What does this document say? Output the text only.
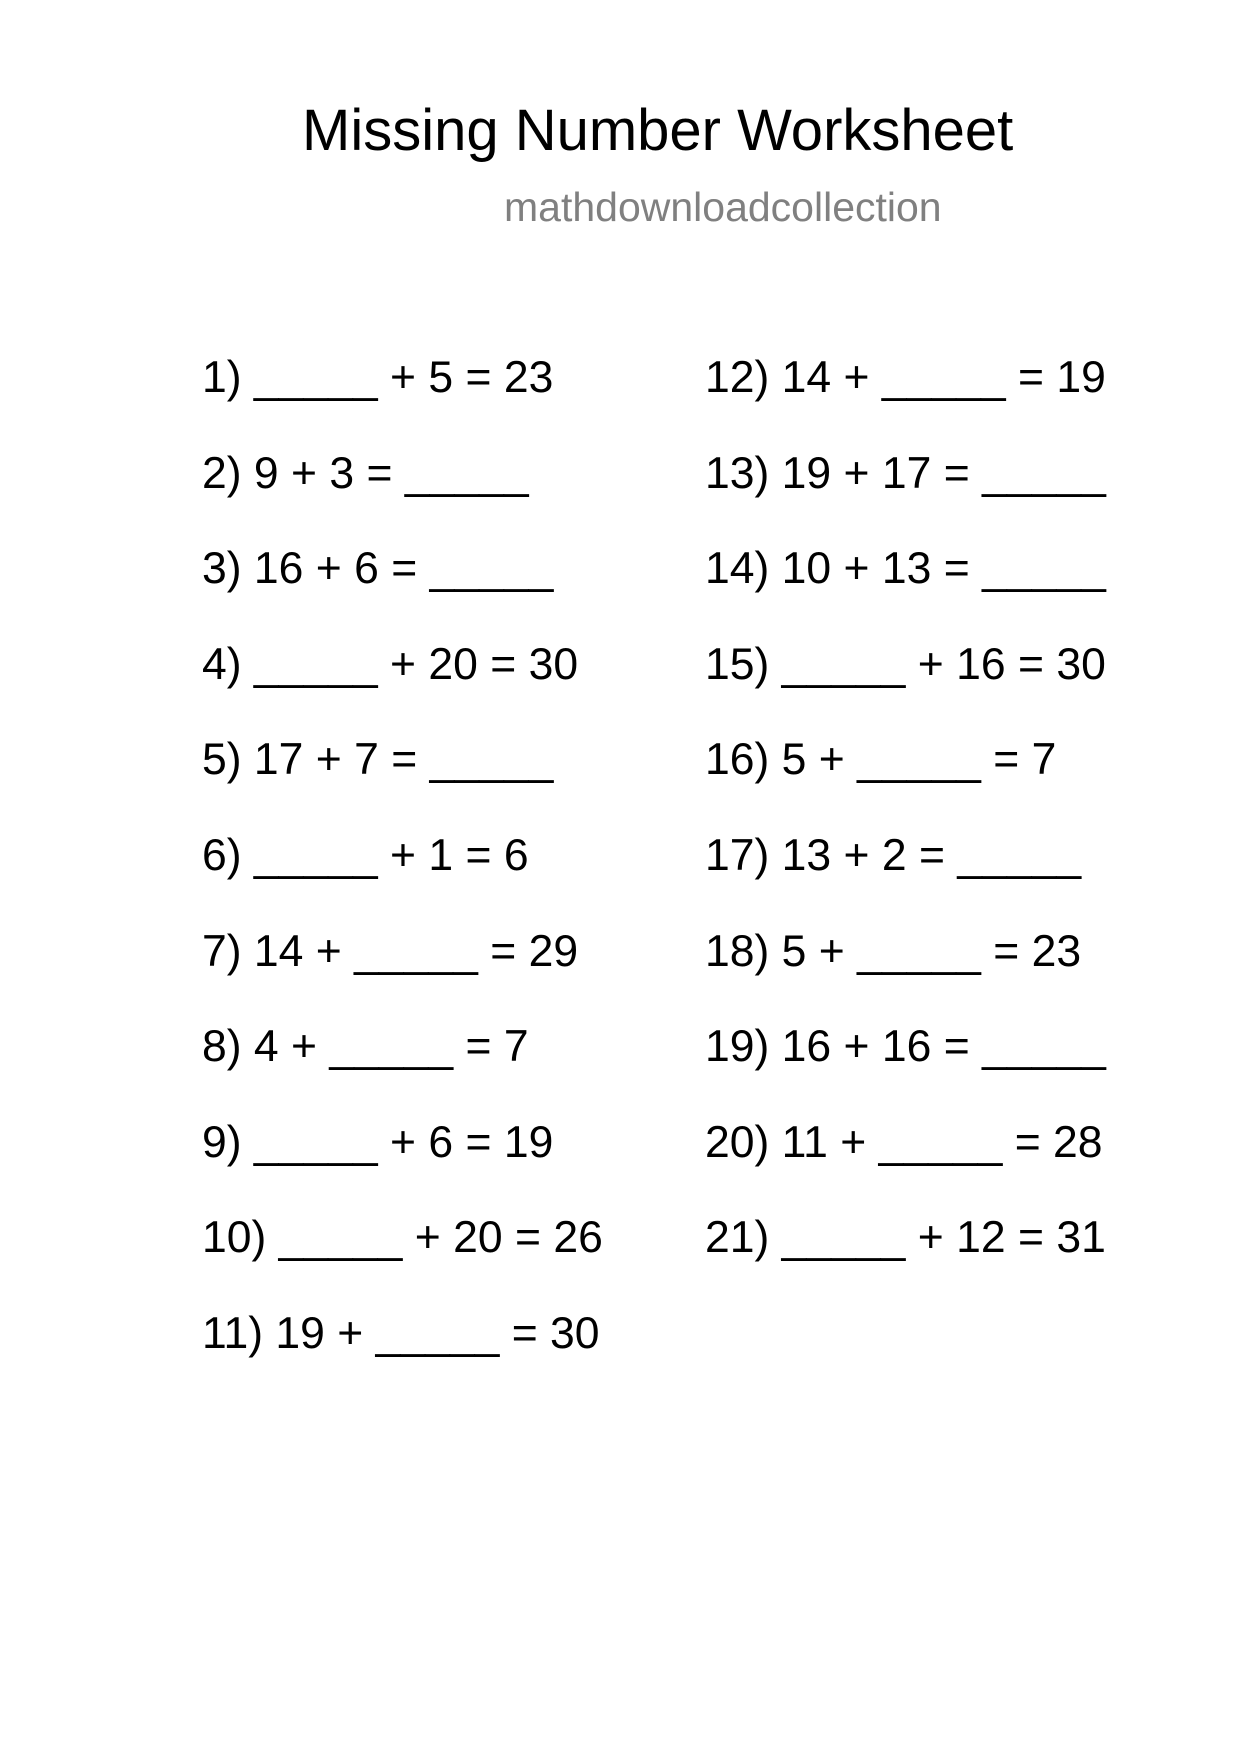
Missing Number Worksheet
mathdownloadcollection
1) _____ + 5 = 23
2) 9 + 3 = _____
3) 16 + 6 = _____
4) _____ + 20 = 30
5) 17 + 7 = _____
6) _____ + 1 = 6
7) 14 + _____ = 29
8) 4 + _____ = 7
9) _____ + 6 = 19
10) _____ + 20 = 26
11) 19 + _____ = 30
12) 14 + _____ = 19
13) 19 + 17 = _____
14) 10 + 13 = _____
15) _____ + 16 = 30
16) 5 + _____ = 7
17) 13 + 2 = _____
18) 5 + _____ = 23
19) 16 + 16 = _____
20) 11 + _____ = 28
21) _____ + 12 = 31
